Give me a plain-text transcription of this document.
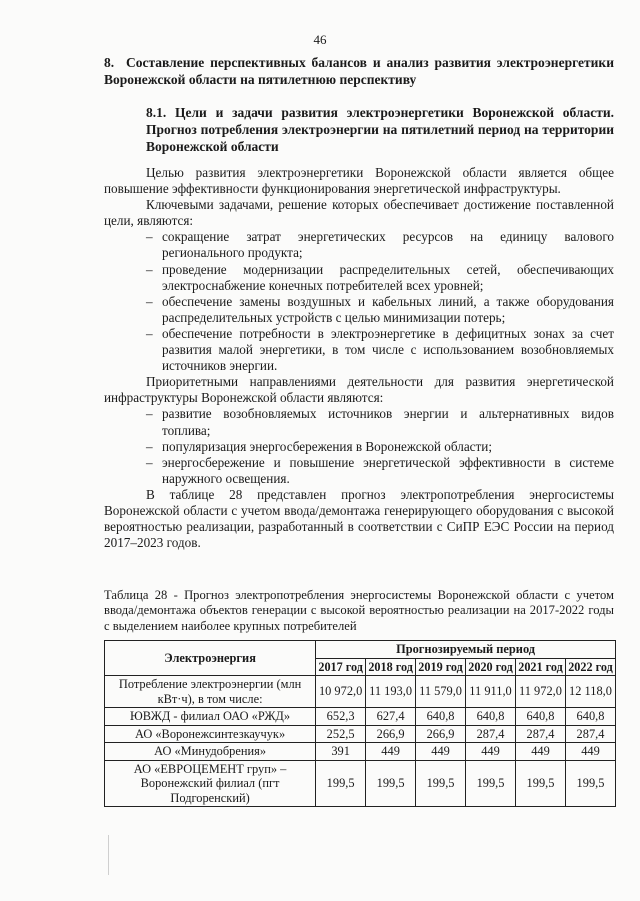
46
8. Составление перспективных балансов и анализ развития электроэнергетики Воронежской области на пятилетнюю перспективу
8.1. Цели и задачи развития электроэнергетики Воронежской области. Прогноз потребления электроэнергии на пятилетний период на территории Воронежской области

Целью развития электроэнергетики Воронежской области является общее повышение эффективности функционирования энергетической инфраструктуры.

Ключевыми задачами, решение которых обеспечивает достижение поставленной цели, являются:

– сокращение затрат энергетических ресурсов на единицу валового регионального продукта;
– проведение модернизации распределительных сетей, обеспечивающих электроснабжение конечных потребителей всех уровней;
– обеспечение замены воздушных и кабельных линий, а также оборудования распределительных устройств с целью минимизации потерь;
– обеспечение потребности в электроэнергетике в дефицитных зонах за счет развития малой энергетики, в том числе с использованием возобновляемых источников энергии.

Приоритетными направлениями деятельности для развития энергетической инфраструктуры Воронежской области являются:

– развитие возобновляемых источников энергии и альтернативных видов топлива;
– популяризация энергосбережения в Воронежской области;
– энергосбережение и повышение энергетической эффективности в системе наружного освещения.

В таблице 28 представлен прогноз электропотребления энергосистемы Воронежской области с учетом ввода/демонтажа генерирующего оборудования с высокой вероятностью реализации, разработанный в соответствии с СиПР ЕЭС России на период 2017–2023 годов.

Таблица 28 - Прогноз электропотребления энергосистемы Воронежской области с учетом ввода/демонтажа объектов генерации с высокой вероятностью реализации на 2017-2022 годы с выделением наиболее крупных потребителей
Электроэнергия	Прогнозируемый период					
	2017 год	2018 год	2019 год	2020 год	2021 год	2022 год
Потребление электроэнергии (млн кВт·ч), в том числе:	10 972,0	11 193,0	11 579,0	11 911,0	11 972,0	12 118,0
ЮВЖД - филиал ОАО «РЖД»	652,3	627,4	640,8	640,8	640,8	640,8
АО «Воронежсинтезкаучук»	252,5	266,9	266,9	287,4	287,4	287,4
АО «Минудобрения»	391	449	449	449	449	449
АО «ЕВРОЦЕМЕНТ груп» – Воронежский филиал (пгт Подгоренский)	199,5	199,5	199,5	199,5	199,5	199,5
